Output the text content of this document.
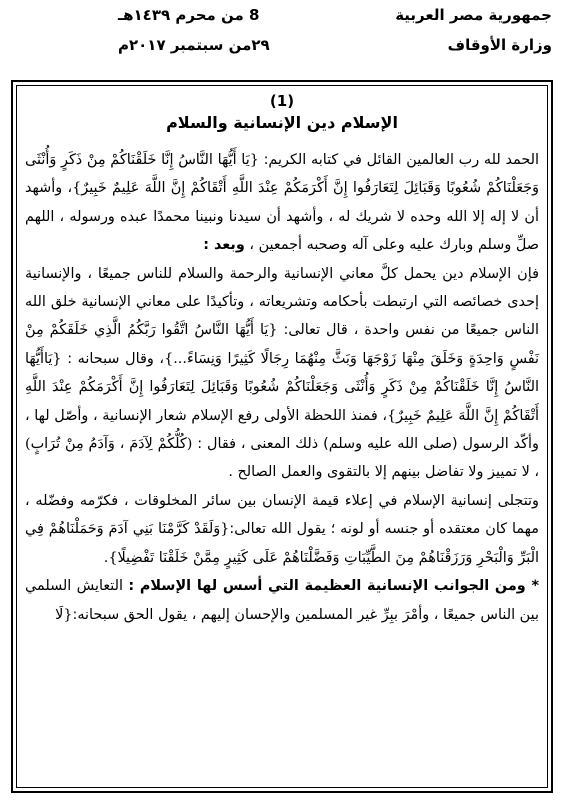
جمهورية مصر العربية
وزارة الأوقاف
8 من محرم ١٤٣٩هـ
٢٩من سبتمبر ٢٠١٧م
(1)
الإسلام دين الإنسانية والسلام

الحمد لله رب العالمين القائل في كتابه الكريم: {يَا أَيُّهَا النَّاسُ إِنَّا خَلَقْنَاكُمْ مِنْ ذَكَرٍ وَأُنْثَى وَجَعَلْنَاكُمْ شُعُوبًا وَقَبَائِلَ لِتَعَارَفُوا إِنَّ أَكْرَمَكُمْ عِنْدَ اللَّهِ أَتْقَاكُمْ إِنَّ اللَّهَ عَلِيمٌ خَبِيرٌ}، وأشهد أن لا إله إلا الله وحده لا شريك له ، وأشهد أن سيدنا ونبينا محمدًا عبده ورسوله ، اللهم صلِّ وسلم وبارك عليه وعلى آله وصحبه أجمعين ، وبعد :

فإن الإسلام دين يحمل كلَّ معاني الإنسانية والرحمة والسلام للناس جميعًا ، والإنسانية إحدى خصائصه التي ارتبطت بأحكامه وتشريعاته ، وتأكيدًا على معاني الإنسانية خلق الله الناس جميعًا من نفس واحدة ، قال تعالى: {يَا أَيُّهَا النَّاسُ اتَّقُوا رَبَّكُمُ الَّذِي خَلَقَكُمْ مِنْ نَفْسٍ وَاحِدَةٍ وَخَلَقَ مِنْهَا زَوْجَهَا وَبَثَّ مِنْهُمَا رِجَالًا كَثِيرًا وَنِسَاءً...}، وقال سبحانه : {يَاأَيُّهَا النَّاسُ إِنَّا خَلَقْنَاكُمْ مِنْ ذَكَرٍ وَأُنْثَى وَجَعَلْنَاكُمْ شُعُوبًا وَقَبَائِلَ لِتَعَارَفُوا إِنَّ أَكْرَمَكُمْ عِنْدَ اللَّهِ أَتْقَاكُمْ إِنَّ اللَّهَ عَلِيمٌ خَبِيرٌ}، فمنذ اللحظة الأولى رفع الإسلام شعار الإنسانية ، وأصّل لها ، وأكّد الرسول (صلى الله عليه وسلم) ذلك المعنى ، فقال : (كُلُّكُمْ لِآدَمَ ، وَآدَمُ مِنْ تُرَابٍ) ، لا تمييز ولا تفاضل بينهم إلا بالتقوى والعمل الصالح .

وتتجلى إنسانية الإسلام في إعلاء قيمة الإنسان بين سائر المخلوقات ، فكرّمه وفضّله ، مهما كان معتقده أو جنسه أو لونه ؛ يقول الله تعالى:{وَلَقَدْ كَرَّمْنَا بَنِي آدَمَ وَحَمَلْنَاهُمْ فِي الْبَرِّ وَالْبَحْرِ وَرَزَقْنَاهُمْ مِنَ الطَّيِّبَاتِ وَفَضَّلْنَاهُمْ عَلَى كَثِيرٍ مِمَّنْ خَلَقْنَا تَفْضِيلًا}.

* ومن الجوانب الإنسانية العظيمة التي أسس لها الإسلام : التعايش السلمي بين الناس جميعًا ، وأمْرَ ببِرِّ غير المسلمين والإحسان إليهم ، يقول الحق سبحانه:{لَا
